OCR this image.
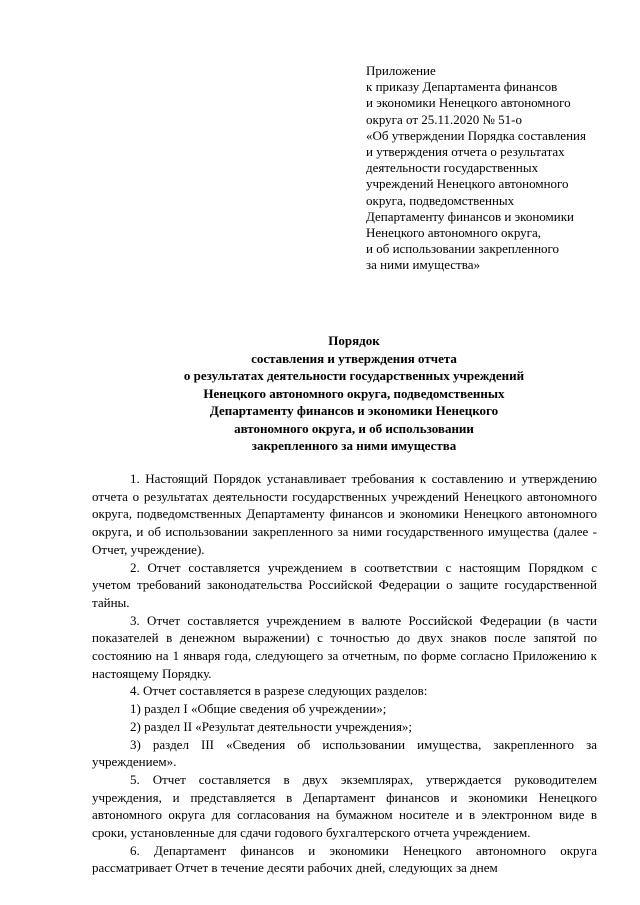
Приложение
к приказу Департамента финансов
и экономики Ненецкого автономного
округа от 25.11.2020 № 51-о
«Об утверждении Порядка составления
и утверждения отчета о результатах
деятельности государственных
учреждений Ненецкого автономного
округа, подведомственных
Департаменту финансов и экономики
Ненецкого автономного округа,
и об использовании закрепленного
за ними имущества»
Порядок
составления и утверждения отчета
о результатах деятельности государственных учреждений
Ненецкого автономного округа, подведомственных
Департаменту финансов и экономики Ненецкого
автономного округа, и об использовании
закрепленного за ними имущества

1. Настоящий Порядок устанавливает требования к составлению и утверждению отчета о результатах деятельности государственных учреждений Ненецкого автономного округа, подведомственных Департаменту финансов и экономики Ненецкого автономного округа, и об использовании закрепленного за ними государственного имущества (далее - Отчет, учреждение).

2. Отчет составляется учреждением в соответствии с настоящим Порядком с учетом требований законодательства Российской Федерации о защите государственной тайны.

3. Отчет составляется учреждением в валюте Российской Федерации (в части показателей в денежном выражении) с точностью до двух знаков после запятой по состоянию на 1 января года, следующего за отчетным, по форме согласно Приложению к настоящему Порядку.

4. Отчет составляется в разрезе следующих разделов:

1) раздел I «Общие сведения об учреждении»;

2) раздел II «Результат деятельности учреждения»;

3) раздел III «Сведения об использовании имущества, закрепленного за учреждением».

5. Отчет составляется в двух экземплярах, утверждается руководителем учреждения, и представляется в Департамент финансов и экономики Ненецкого автономного округа для согласования на бумажном носителе и в электронном виде в сроки, установленные для сдачи годового бухгалтерского отчета учреждением.

6. Департамент финансов и экономики Ненецкого автономного округа рассматривает Отчет в течение десяти рабочих дней, следующих за днем
